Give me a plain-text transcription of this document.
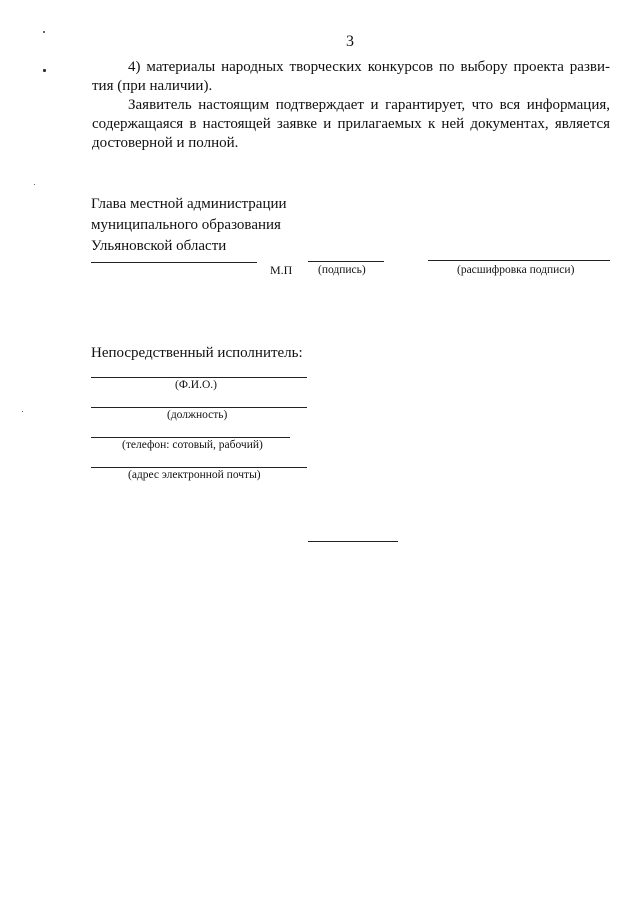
3
4) материалы народных творческих конкурсов по выбору проекта разви-
тия (при наличии).
Заявитель настоящим подтверждает и гарантирует, что вся информация,
содержащаяся в настоящей заявке и прилагаемых к ней документах, является
достоверной и полной.
Глава местной администрации
муниципального образования
Ульяновской области
М.П (подпись)	(расшифровка подписи)
Непосредственный исполнитель:
(Ф.И.О.)
(должность)
(телефон: сотовый, рабочий)
(адрес электронной почты)
